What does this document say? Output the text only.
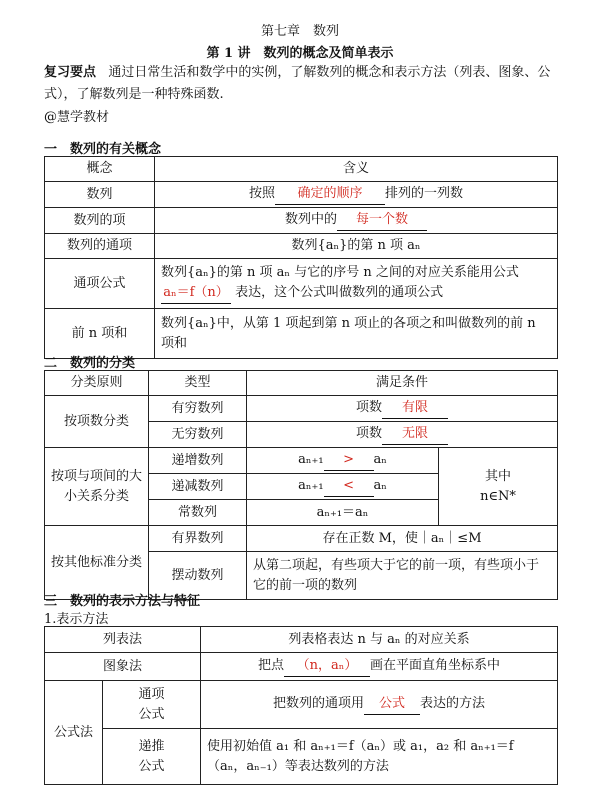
第七章　数列
第 1 讲　数列的概念及简单表示
复习要点 通过日常生活和数学中的实例，了解数列的概念和表示方法（列表、图象、公式），了解数列是一种特殊函数.
@慧学教材
一　数列的有关概念
概念	含义
数列	按照 确定的顺序 排列的一列数
数列的项	数列中的 每一个数
数列的通项	数列{aₙ}的第 n 项 aₙ
通项公式	数列{aₙ}的第 n 项 aₙ 与它的序号 n 之间的对应关系能用公式
aₙ＝f（n） 表达，这个公式叫做数列的通项公式
前 n 项和	数列{aₙ}中，从第 1 项起到第 n 项止的各项之和叫做数列的前 n 项和
二　数列的分类
分类原则	类型	满足条件	
按项数分类	有穷数列	项数 有限	
	无穷数列	项数 无限	
按项与项间的大小关系分类	递增数列	aₙ₊₁ > aₙ	其中
n∈N*
	递减数列	aₙ₊₁ < aₙ	
	常数列	aₙ₊₁＝aₙ	
按其他标准分类	有界数列	存在正数 M，使｜aₙ｜≤M	
	摆动数列	从第二项起，有些项大于它的前一项，有些项小于它的前一项的数列	
三　数列的表示方法与特征
1.表示方法
列表法		列表格表达 n 与 aₙ 的对应关系
图象法		把点 （n，aₙ） 画在平面直角坐标系中
公式法	通项公式	把数列的通项用 公式 表达的方法

	递推公式	使用初始值 a₁ 和 aₙ₊₁＝f（aₙ）或 a₁，a₂ 和 aₙ₊₁＝f（aₙ，aₙ₋₁）等表达数列的方法
